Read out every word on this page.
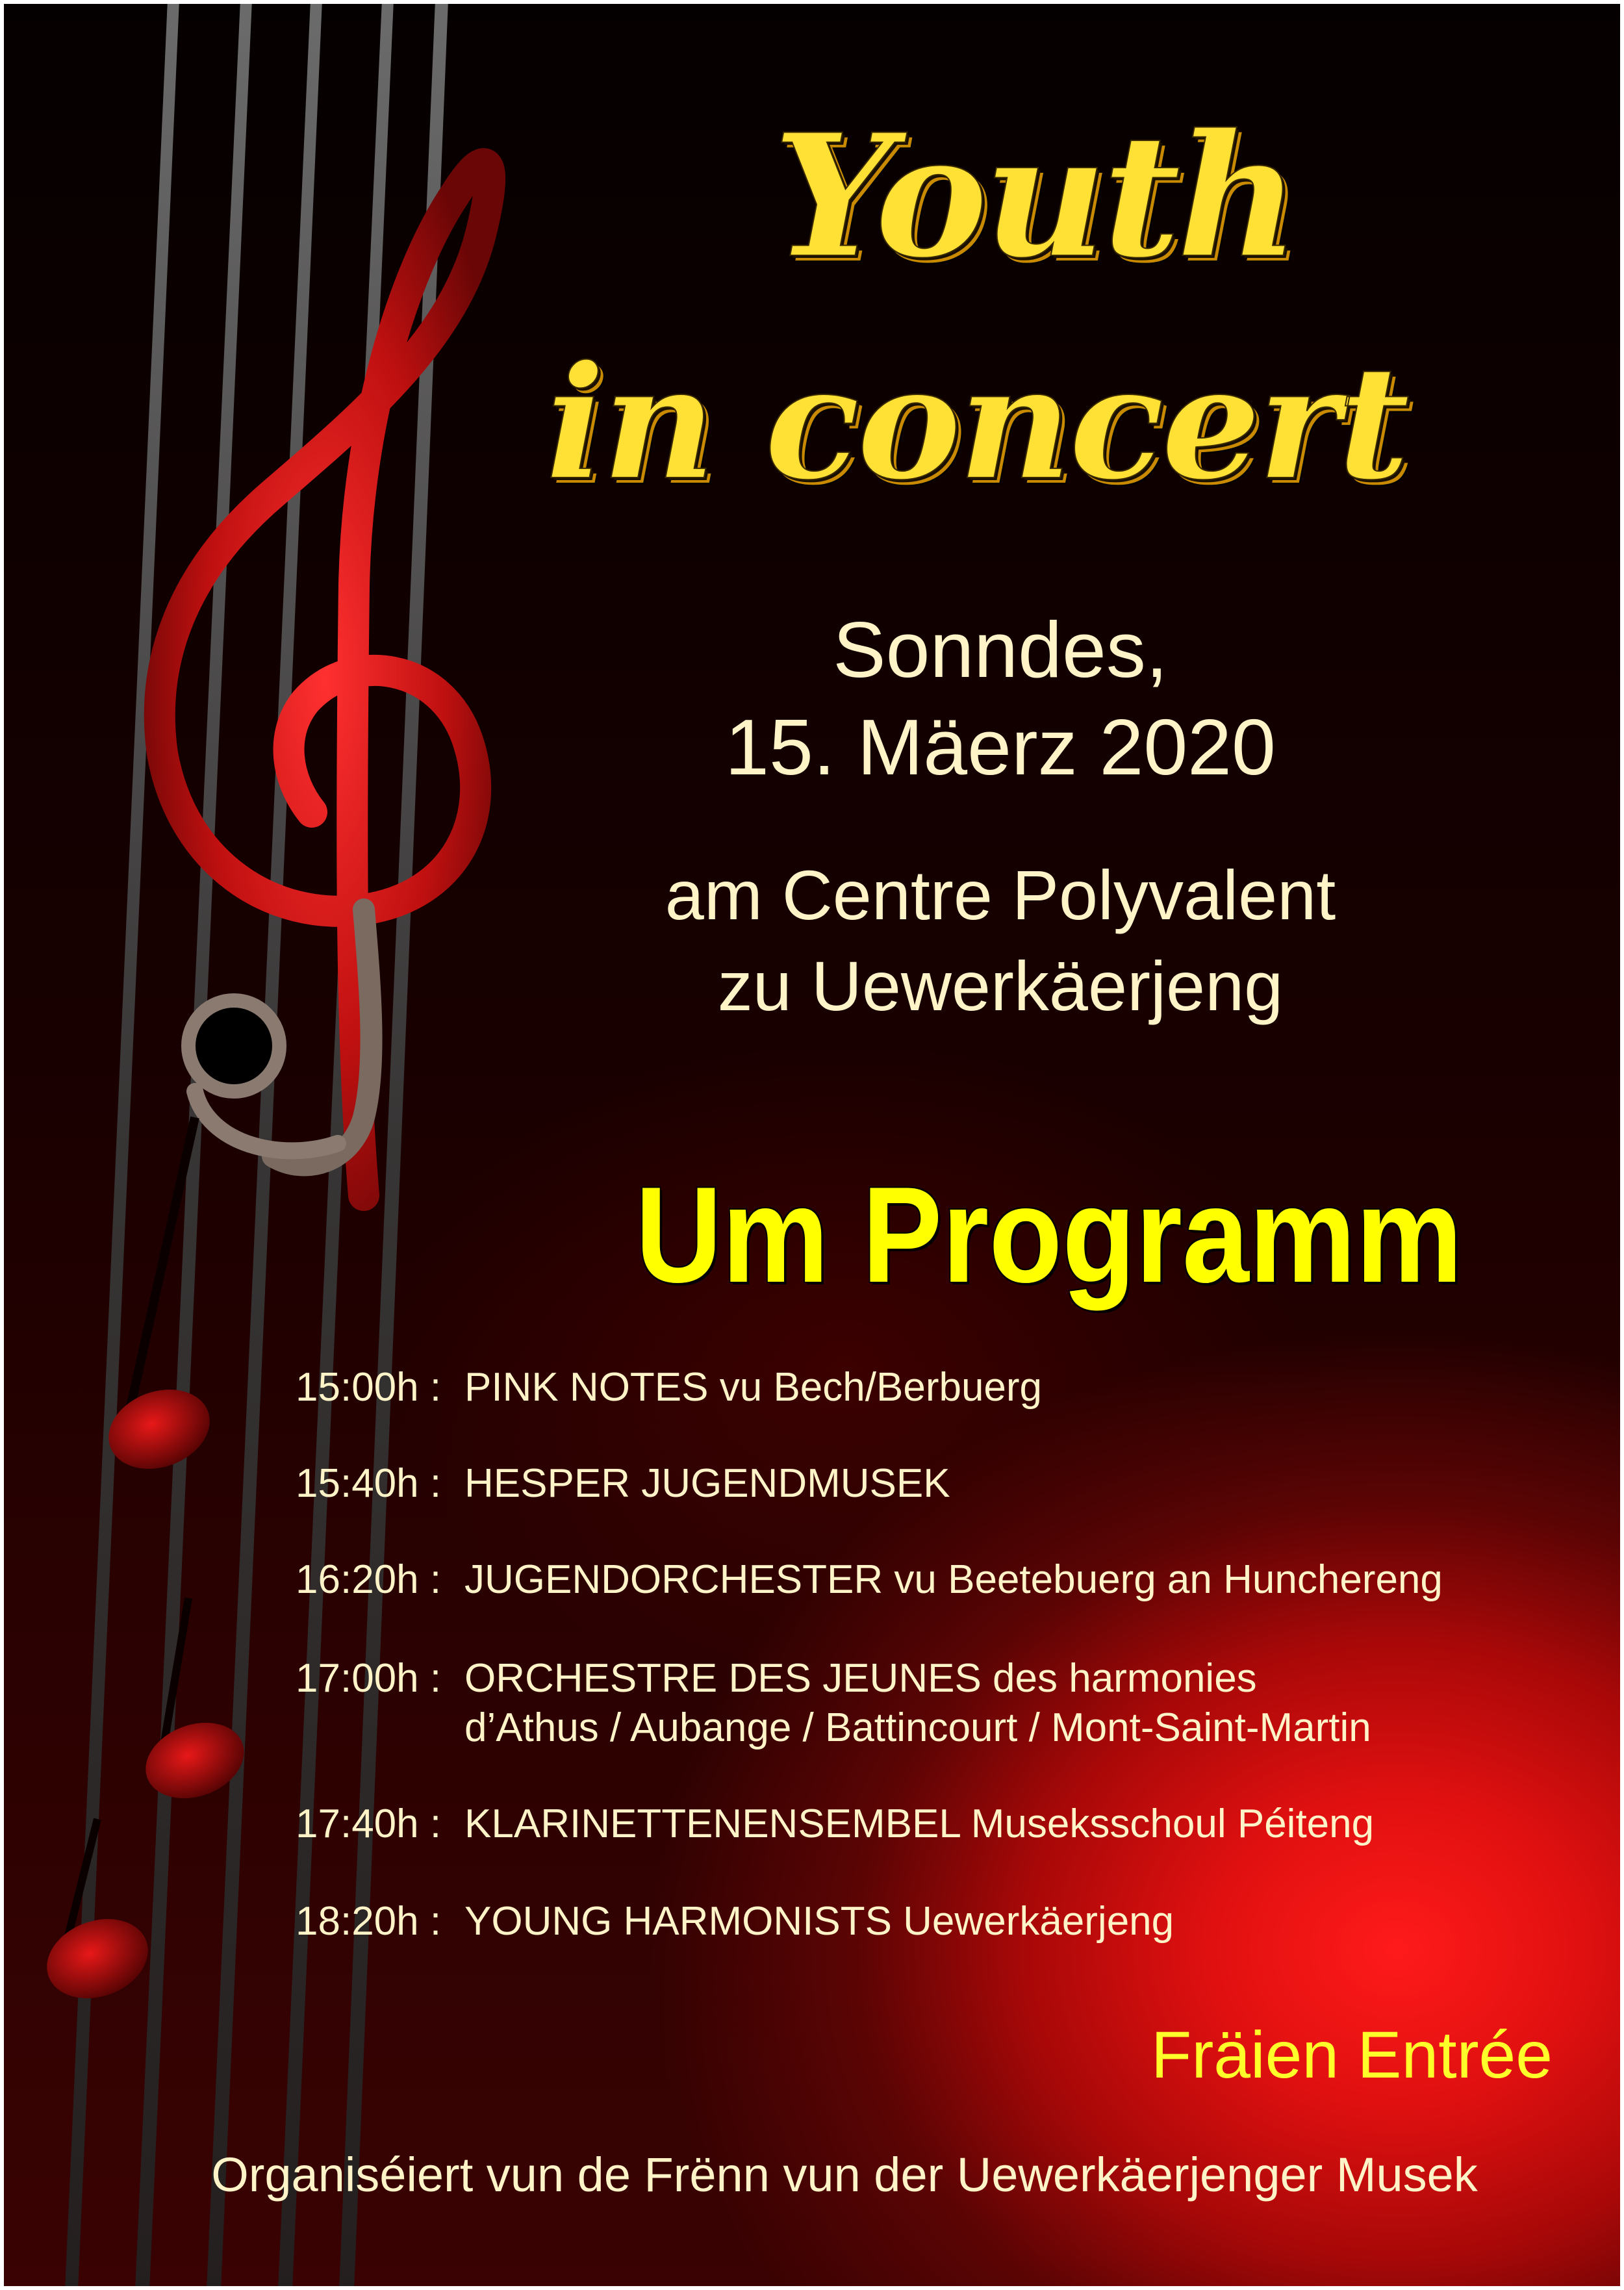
Youth
in concert

Sonndes,

15. Mäerz 2020

am Centre Polyvalent

zu Uewerkäerjeng

Um Programm
15:00h : PINK NOTES vu Bech/Berbuerg
15:40h : HESPER JUGENDMUSEK
16:20h : JUGENDORCHESTER vu Beetebuerg an Hunchereng
17:00h : ORCHESTRE DES JEUNES des harmonies
d’Athus / Aubange / Battincourt / Mont-Saint-Martin
17:40h : KLARINETTENENSEMBEL Museksschoul Péiteng
18:20h : YOUNG HARMONISTS Uewerkäerjeng

Fräien Entrée

Organiséiert vun de Frënn vun der Uewerkäerjenger Musek
